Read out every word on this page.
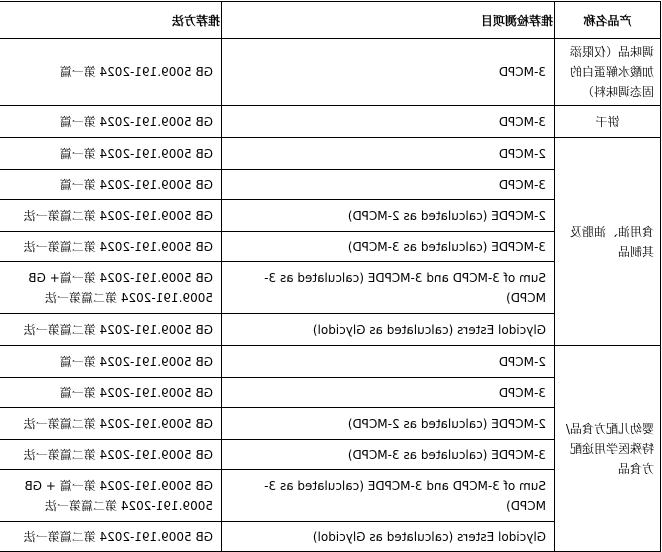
产品名称	推荐检测项目	推荐方法
调味品（仅限添加酸水解蛋白的固态调味料）	3-MCPD	GB 5009.191-2024 第一篇
饼干	3-MCPD	GB 5009.191-2024 第一篇
食用油、油脂及其制品	2-MCPD	GB 5009.191-2024 第一篇
	3-MCPD	GB 5009.191-2024 第一篇
	2-MCPDE (calculated as 2-MCPD)	GB 5009.191-2024 第二篇第一法
	3-MCPDE (calculated as 3-MCPD)	GB 5009.191-2024 第二篇第一法
	Sum of 3-MCPD and 3-MCPDE (calculated as 3-MCPD)	GB 5009.191-2024 第一篇+ GB 5009.191-2024 第二篇第一法
	Glycidol Esters (calculated as Glycidol)	GB 5009.191-2024 第二篇第一法
婴幼儿配方食品/特殊医学用途配方食品	2-MCPD	GB 5009.191-2024 第一篇
	3-MCPD	GB 5009.191-2024 第一篇
	2-MCPDE (calculated as 2-MCPD)	GB 5009.191-2024 第二篇第一法
	3-MCPDE (calculated as 3-MCPD)	GB 5009.191-2024 第二篇第一法
	Sum of 3-MCPD and 3-MCPDE (calculated as 3-MCPD)	GB 5009.191-2024 第一篇 + GB 5009.191-2024 第二篇第一法
	Glycidol Esters (calculated as Glycidol)	GB 5009.191-2024 第二篇第一法
